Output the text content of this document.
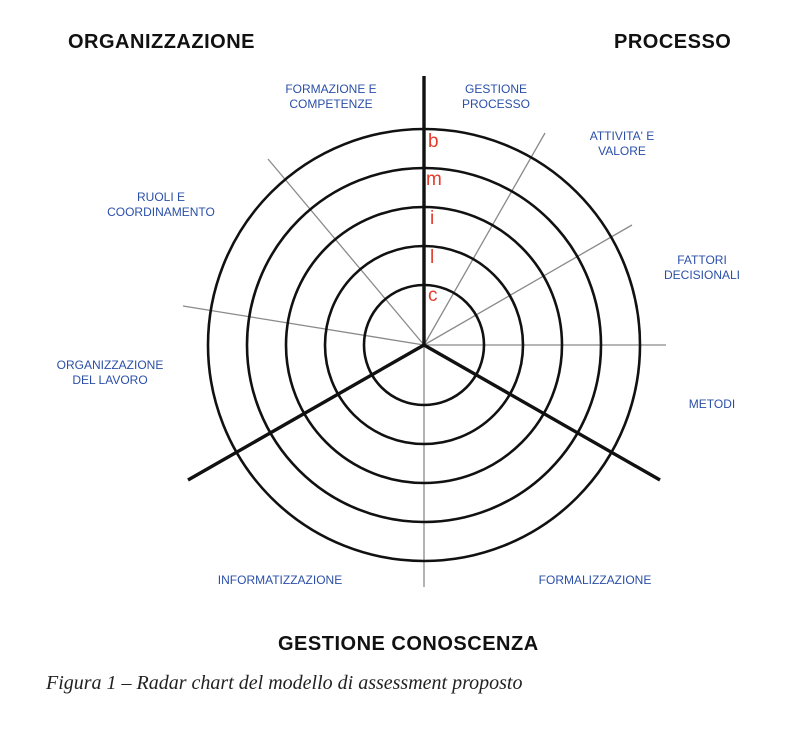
ORGANIZZAZIONE	PROCESSO
GESTIONE CONOSCENZA
FORMAZIONE E
COMPETENZE
GESTIONE
PROCESSO
ATTIVITA' E
VALORE
FATTORI
DECISIONALI
METODI
FORMALIZZAZIONE
INFORMATIZZAZIONE
ORGANIZZAZIONE
DEL LAVORO
RUOLI E
COORDINAMENTO
b
m
i
l
c
Figura 1 – Radar chart del modello di assessment proposto
